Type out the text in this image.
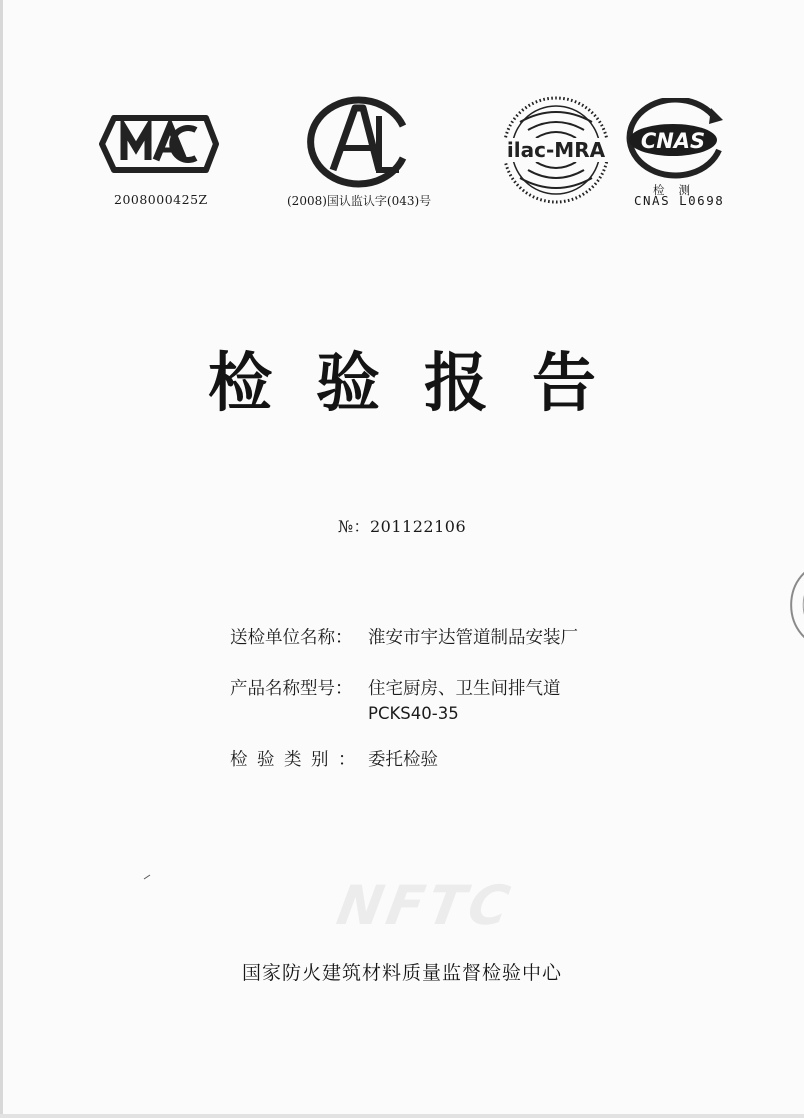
2008000425Z	(2008)国认监认字(043)号
ilac-MRA CNAS
检测
CNAS L0698
检验报告
№：201122106
送检单位名称： 淮安市宇达管道制品安装厂
产品名称型号： 住宅厨房、卫生间排气道
PCKS40-35
检验类别： 委托检验
NFTC
国家防火建筑材料质量监督检验中心
